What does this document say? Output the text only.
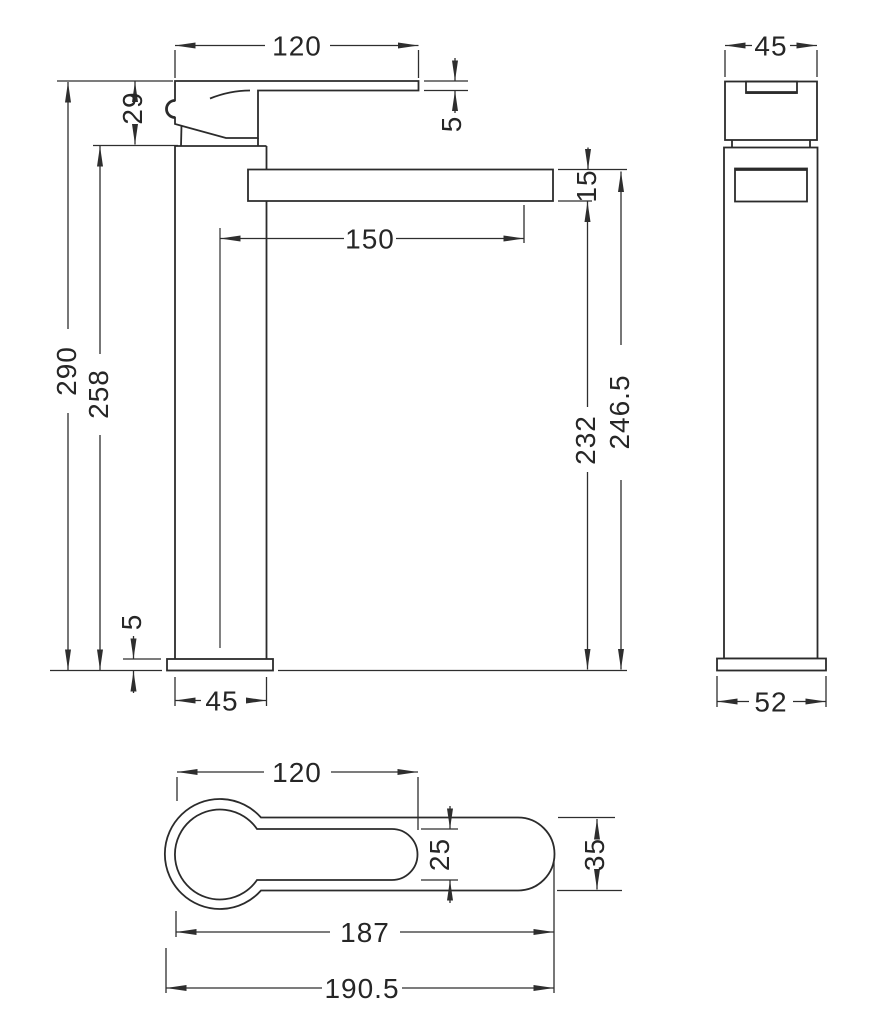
120	45
5
29
150
15
246.5
232
290 258
5
45	52
120
25	35
187
190.5
